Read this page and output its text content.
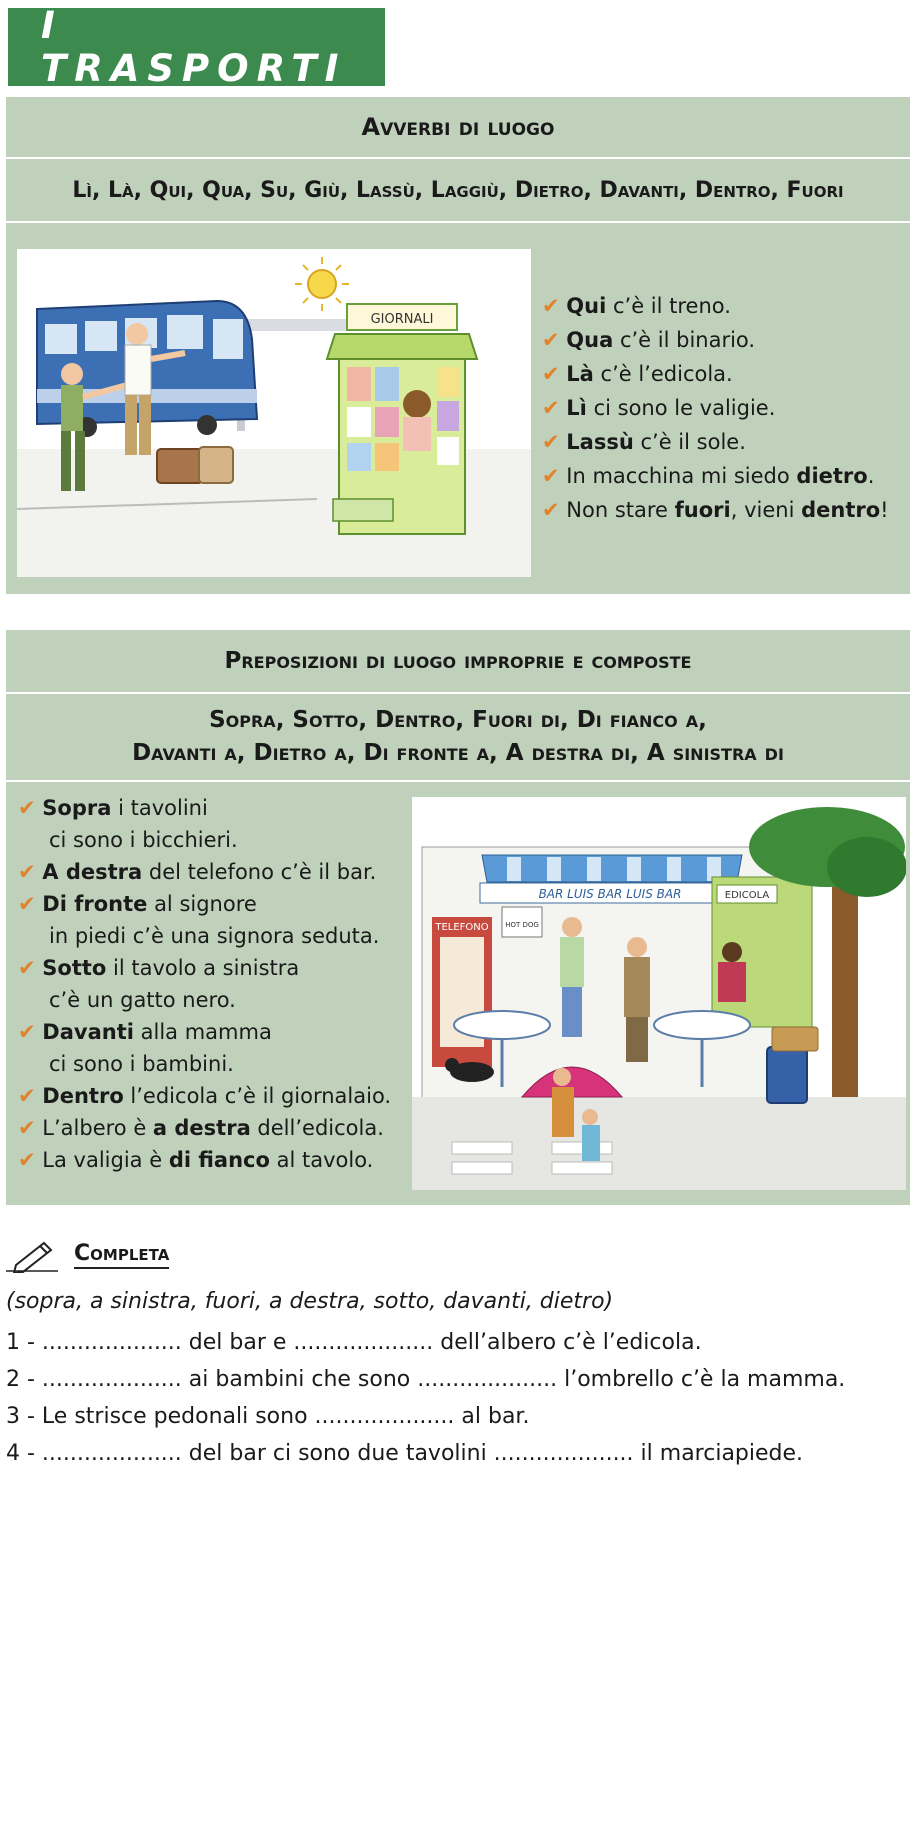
I TRASPORTI
Avverbi di luogo
Lì, Là, Qui, Qua, Su, Giù, Lassù, Laggiù, Dietro, Davanti, Dentro, Fuori
GIORNALI
✔ Qui c’è il treno.
✔ Qua c’è il binario.
✔ Là c’è l’edicola.
✔ Lì ci sono le valigie.
✔ Lassù c’è il sole.
✔ In macchina mi siedo dietro.
✔ Non stare fuori, vieni dentro!
Preposizioni di luogo improprie e composte
Sopra, Sotto, Dentro, Fuori di, Di fianco a,
Davanti a, Dietro a, Di fronte a, A destra di, A sinistra di
✔ Sopra i tavolini
ci sono i bicchieri.
✔ A destra del telefono c’è il bar.
✔ Di fronte al signore
in piedi c’è una signora seduta.
✔ Sotto il tavolo a sinistra
c’è un gatto nero.
✔ Davanti alla mamma
ci sono i bambini.
✔ Dentro l’edicola c’è il giornalaio.
✔ L’albero è a destra dell’edicola.
✔ La valigia è di fianco al tavolo.
TELEFONO
BAR LUIS BAR LUIS BAR
HOT DOG
EDICOLA
Completa
(sopra, a sinistra, fuori, a destra, sotto, davanti, dietro)
1 - .................... del bar e .................... dell’albero c’è l’edicola.
2 - .................... ai bambini che sono .................... l’ombrello c’è la mamma.
3 - Le strisce pedonali sono .................... al bar.
4 - .................... del bar ci sono due tavolini .................... il marciapiede.
